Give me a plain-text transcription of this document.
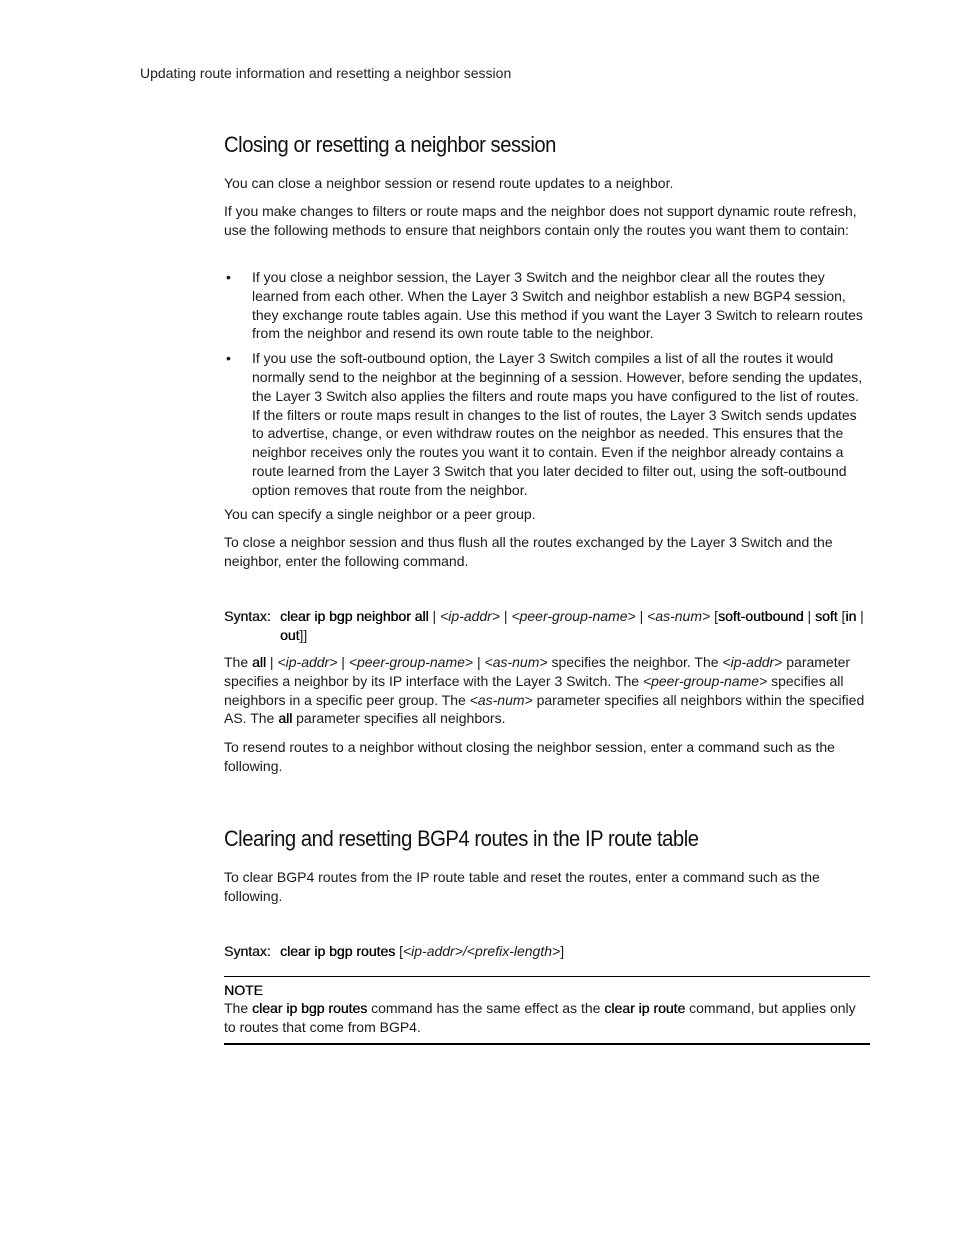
Updating route information and resetting a neighbor session
Closing or resetting a neighbor session

You can close a neighbor session or resend route updates to a neighbor.

If you make changes to filters or route maps and the neighbor does not support dynamic route refresh, use the following methods to ensure that neighbors contain only the routes you want them to contain:

• If you close a neighbor session, the Layer 3 Switch and the neighbor clear all the routes they learned from each other. When the Layer 3 Switch and neighbor establish a new BGP4 session, they exchange route tables again. Use this method if you want the Layer 3 Switch to relearn routes from the neighbor and resend its own route table to the neighbor.
• If you use the soft-outbound option, the Layer 3 Switch compiles a list of all the routes it would normally send to the neighbor at the beginning of a session. However, before sending the updates, the Layer 3 Switch also applies the filters and route maps you have configured to the list of routes. If the filters or route maps result in changes to the list of routes, the Layer 3 Switch sends updates to advertise, change, or even withdraw routes on the neighbor as needed. This ensures that the neighbor receives only the routes you want it to contain. Even if the neighbor already contains a route learned from the Layer 3 Switch that you later decided to filter out, using the soft-outbound option removes that route from the neighbor.

You can specify a single neighbor or a peer group.

To close a neighbor session and thus flush all the routes exchanged by the Layer 3 Switch and the neighbor, enter the following command.

Syntax: clear ip bgp neighbor all | <ip-addr> | <peer-group-name> | <as-num> [soft-outbound | soft [in | out]]

The all | <ip-addr> | <peer-group-name> | <as-num> specifies the neighbor. The <ip-addr> parameter specifies a neighbor by its IP interface with the Layer 3 Switch. The <peer-group-name> specifies all neighbors in a specific peer group. The <as-num> parameter specifies all neighbors within the specified AS. The all parameter specifies all neighbors.

To resend routes to a neighbor without closing the neighbor session, enter a command such as the following.

Clearing and resetting BGP4 routes in the IP route table

To clear BGP4 routes from the IP route table and reset the routes, enter a command such as the following.

Syntax: clear ip bgp routes [<ip-addr>/<prefix-length>]
NOTE

The clear ip bgp routes command has the same effect as the clear ip route command, but applies only to routes that come from BGP4.
